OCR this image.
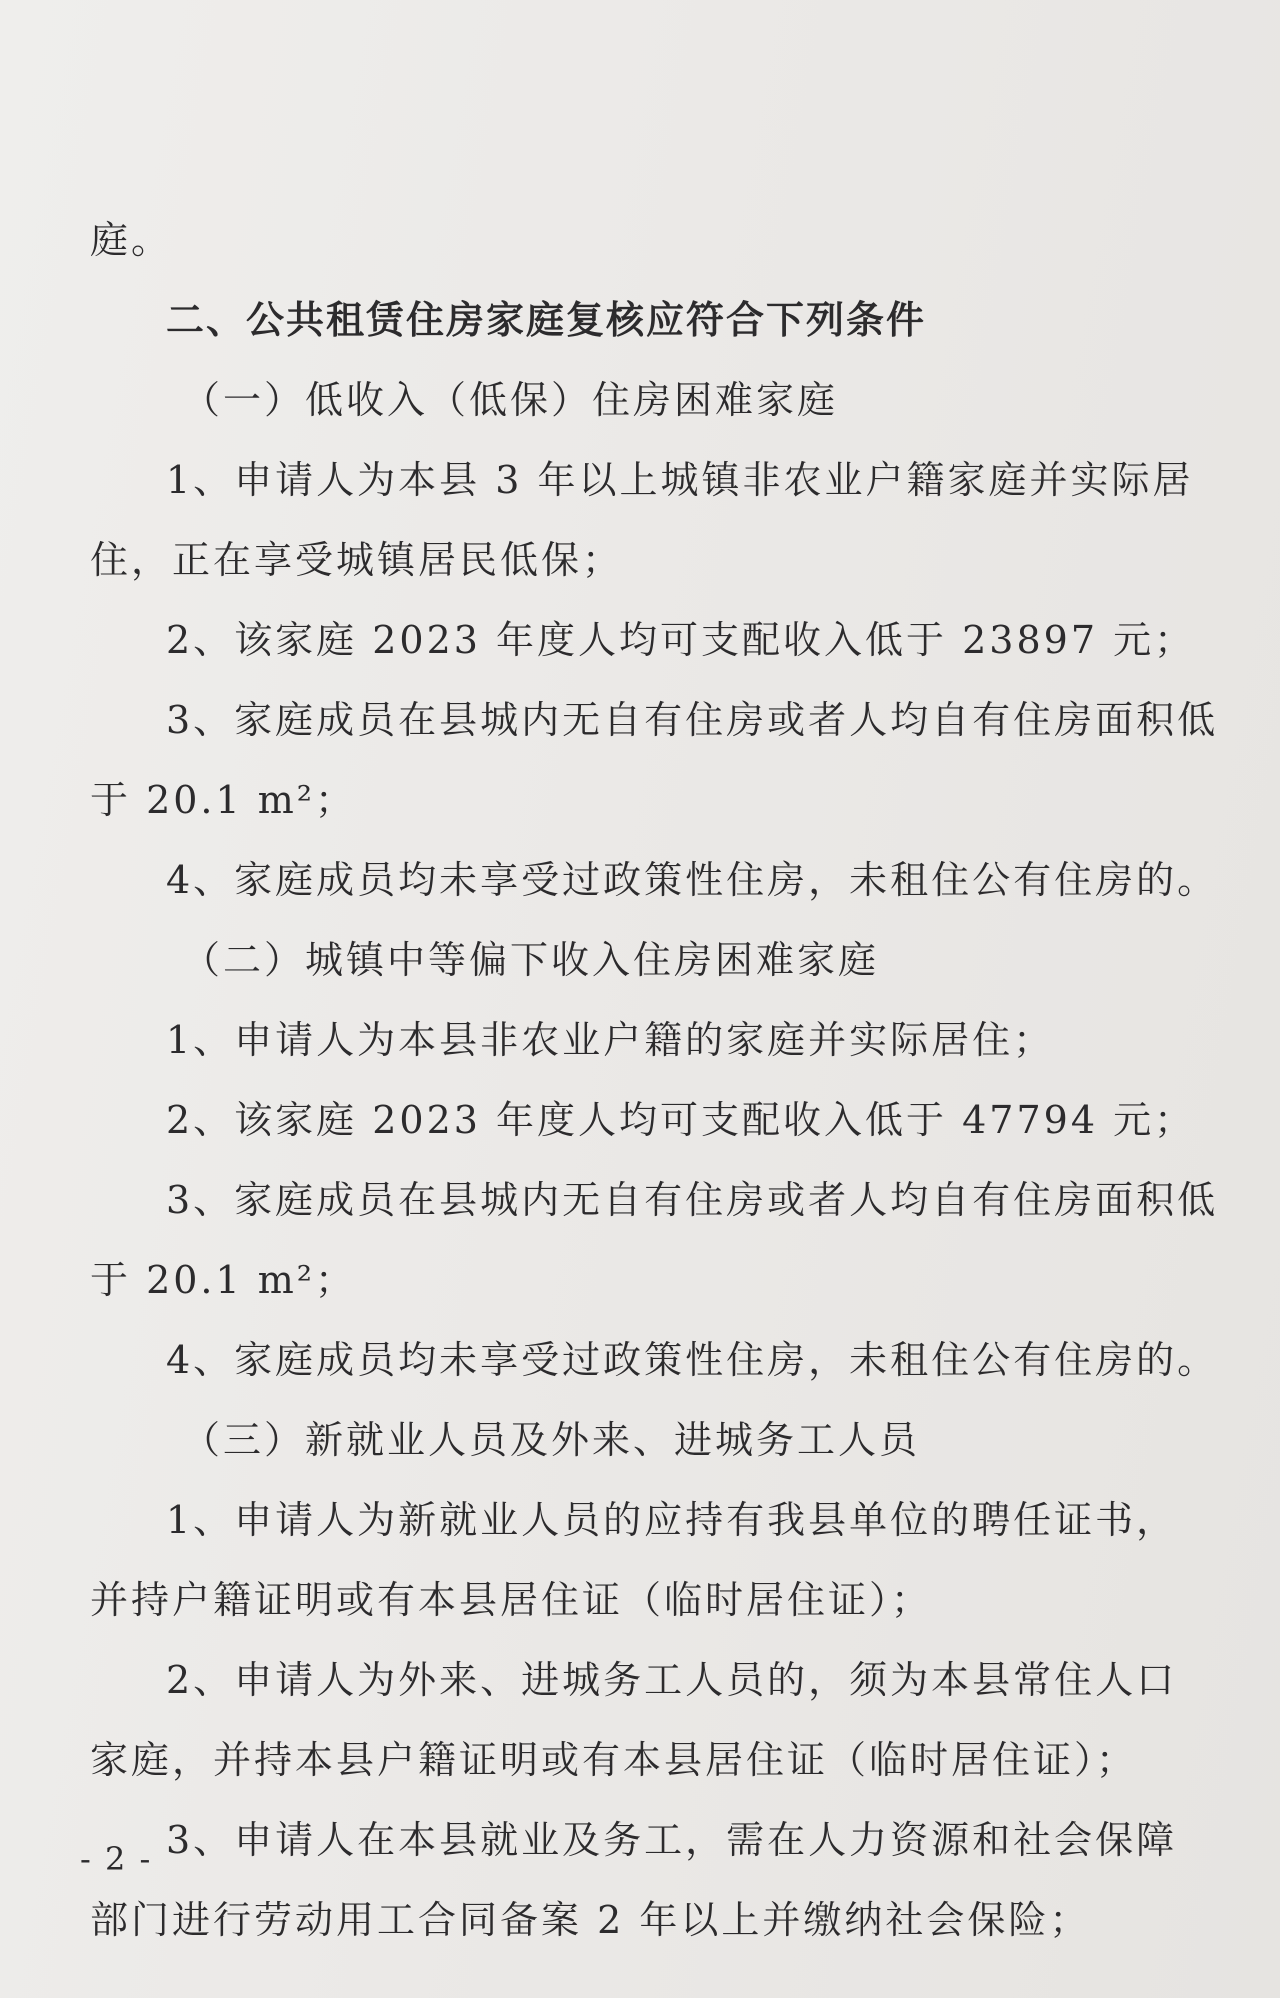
庭。
二、公共租赁住房家庭复核应符合下列条件
（一）低收入（低保）住房困难家庭
1、申请人为本县 3 年以上城镇非农业户籍家庭并实际居
住，正在享受城镇居民低保；
2、该家庭 2023 年度人均可支配收入低于 23897 元；
3、家庭成员在县城内无自有住房或者人均自有住房面积低
于 20.1 m²；
4、家庭成员均未享受过政策性住房，未租住公有住房的。
（二）城镇中等偏下收入住房困难家庭
1、申请人为本县非农业户籍的家庭并实际居住；
2、该家庭 2023 年度人均可支配收入低于 47794 元；
3、家庭成员在县城内无自有住房或者人均自有住房面积低
于 20.1 m²；
4、家庭成员均未享受过政策性住房，未租住公有住房的。
（三）新就业人员及外来、进城务工人员
1、申请人为新就业人员的应持有我县单位的聘任证书，
并持户籍证明或有本县居住证（临时居住证）；
2、申请人为外来、进城务工人员的，须为本县常住人口
家庭，并持本县户籍证明或有本县居住证（临时居住证）；
3、申请人在本县就业及务工，需在人力资源和社会保障
部门进行劳动用工合同备案 2 年以上并缴纳社会保险；
- 2 -
